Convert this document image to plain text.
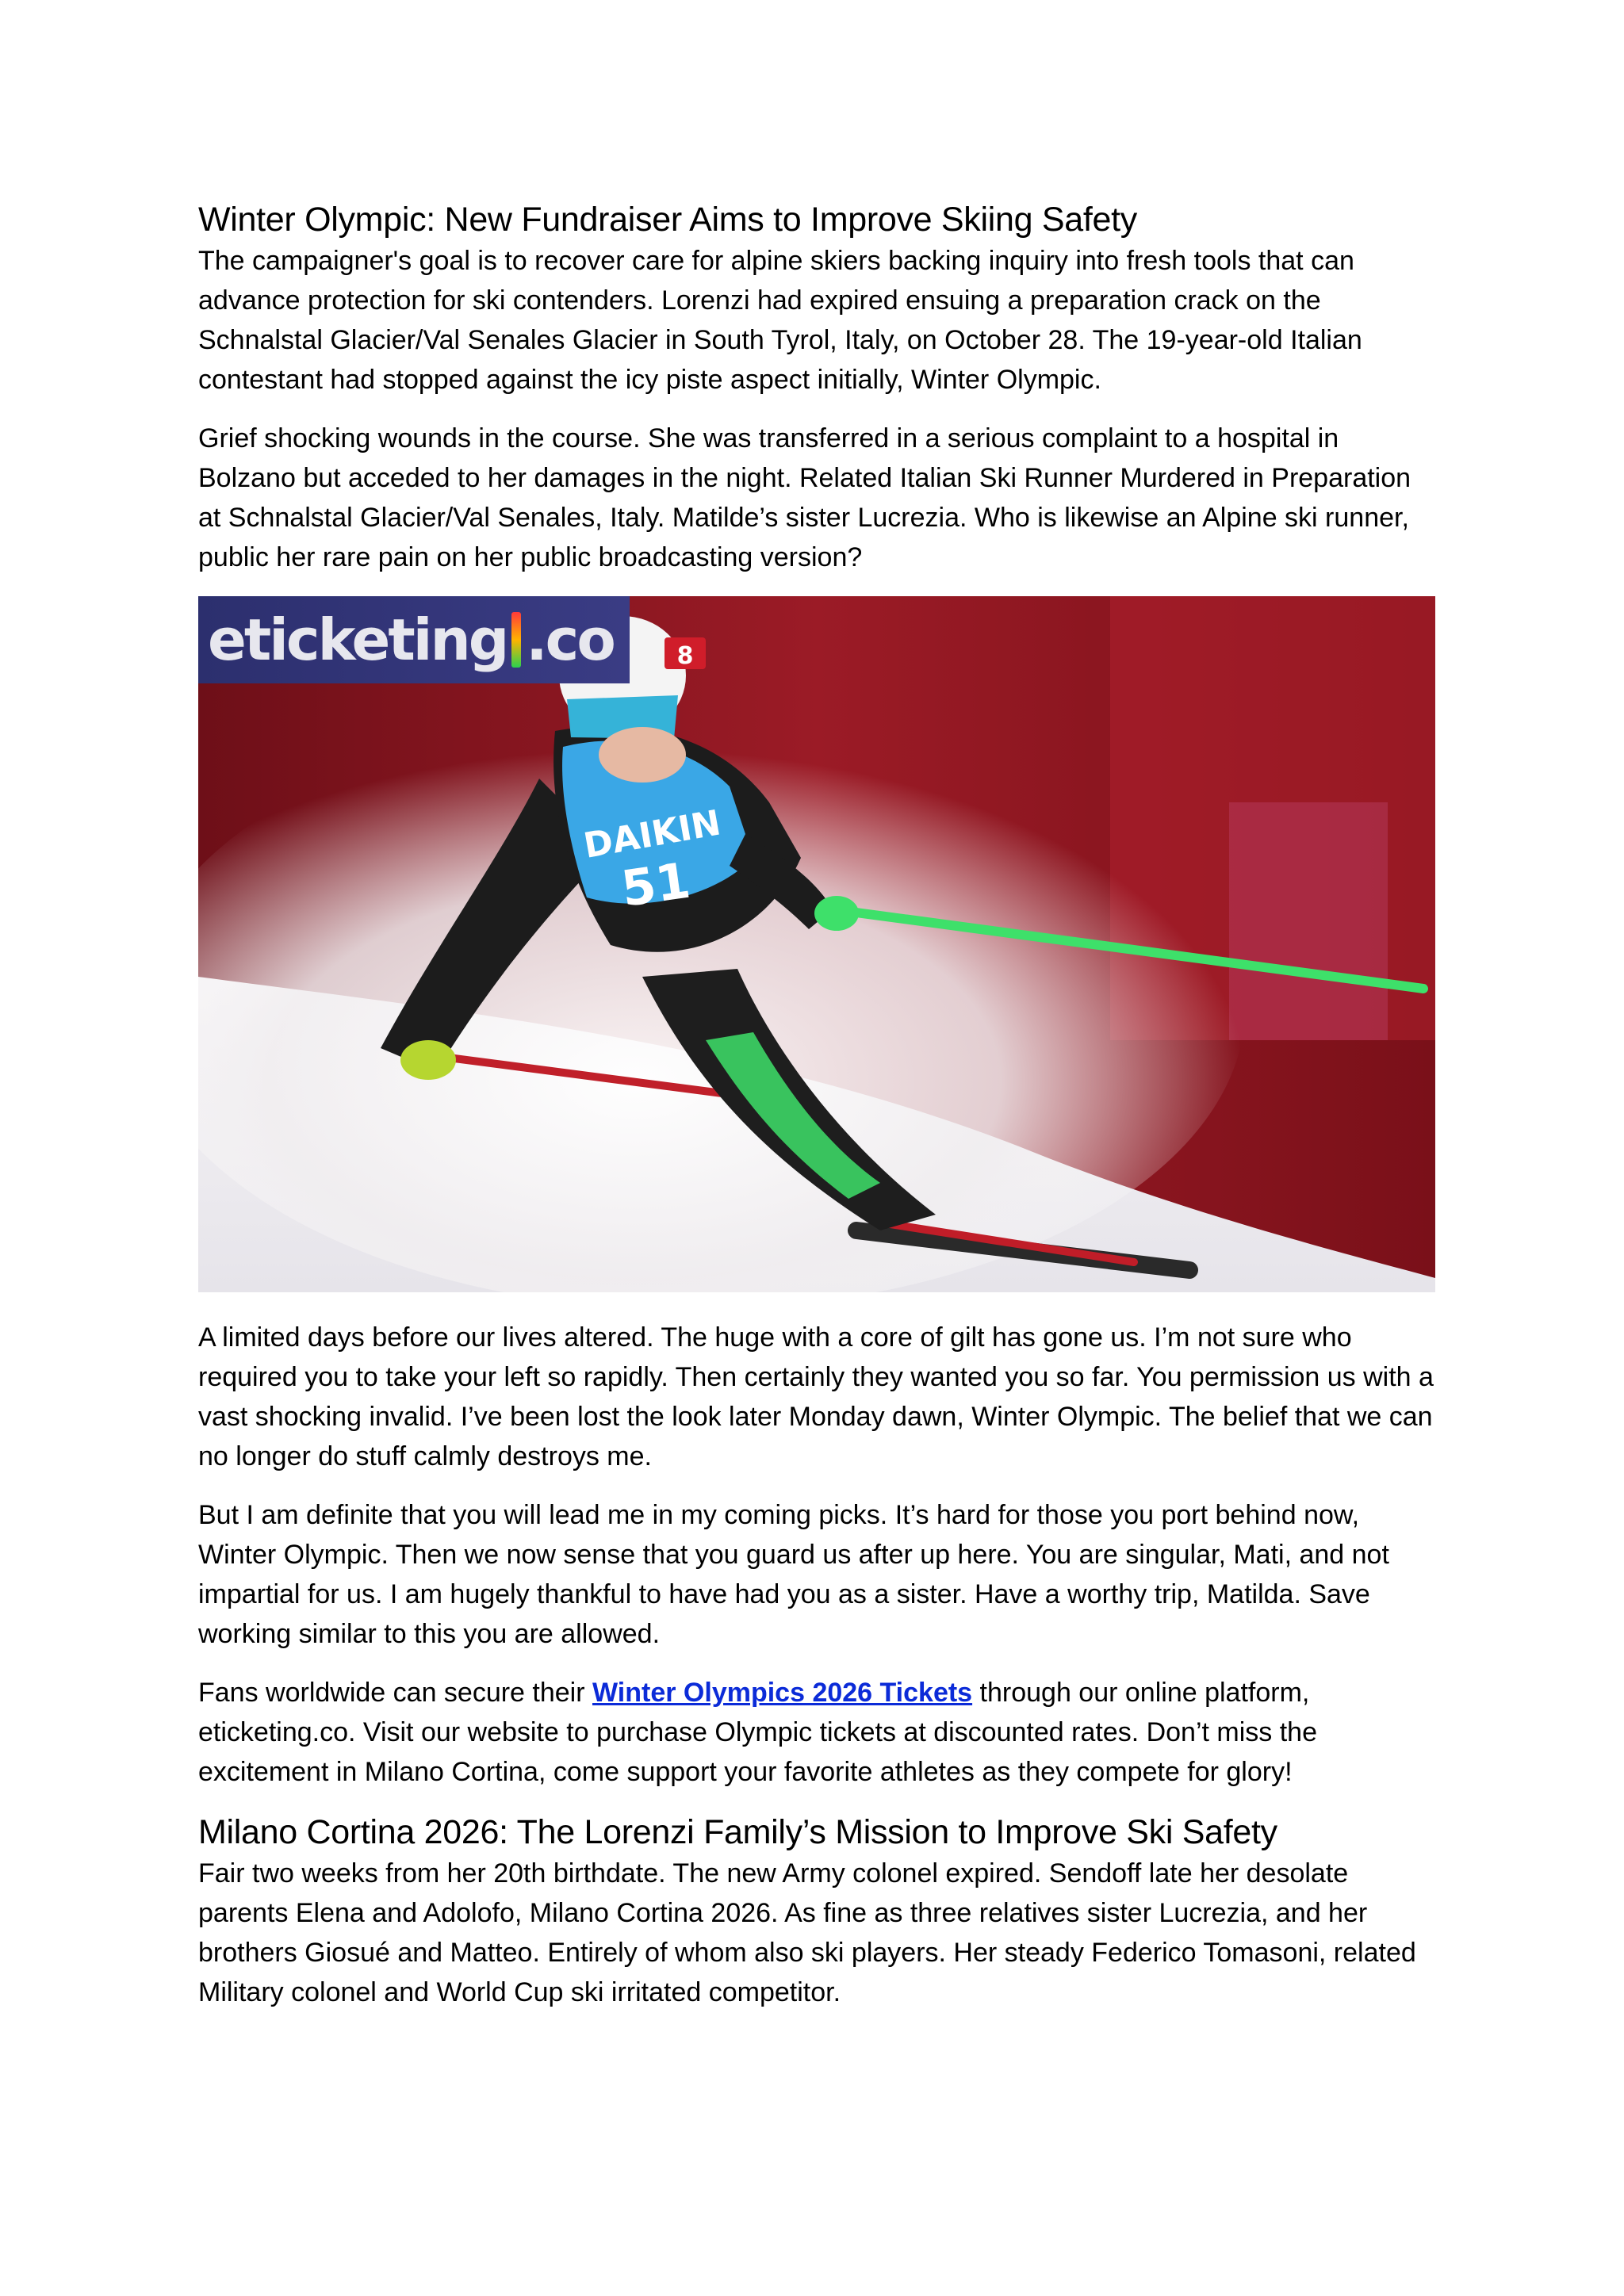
Winter Olympic: New Fundraiser Aims to Improve Skiing Safety

The campaigner's goal is to recover care for alpine skiers backing inquiry into fresh tools that can advance protection for ski contenders. Lorenzi had expired ensuing a preparation crack on the Schnalstal Glacier/Val Senales Glacier in South Tyrol, Italy, on October 28. The 19-year-old Italian contestant had stopped against the icy piste aspect initially, Winter Olympic.

Grief shocking wounds in the course. She was transferred in a serious complaint to a hospital in Bolzano but acceded to her damages in the night. Related Italian Ski Runner Murdered in Preparation at Schnalstal Glacier/Val Senales, Italy. Matilde’s sister Lucrezia. Who is likewise an Alpine ski runner, public her rare pain on her public broadcasting version?

DAIKIN
51
8
eticketing .co

A limited days before our lives altered. The huge with a core of gilt has gone us. I’m not sure who required you to take your left so rapidly. Then certainly they wanted you so far. You permission us with a vast shocking invalid. I’ve been lost the look later Monday dawn, Winter Olympic. The belief that we can no longer do stuff calmly destroys me.

But I am definite that you will lead me in my coming picks. It’s hard for those you port behind now, Winter Olympic. Then we now sense that you guard us after up here. You are singular, Mati, and not impartial for us. I am hugely thankful to have had you as a sister. Have a worthy trip, Matilda. Save working similar to this you are allowed.

Fans worldwide can secure their Winter Olympics 2026 Tickets through our online platform, eticketing.co. Visit our website to purchase Olympic tickets at discounted rates. Don’t miss the excitement in Milano Cortina, come support your favorite athletes as they compete for glory!

Milano Cortina 2026: The Lorenzi Family’s Mission to Improve Ski Safety

Fair two weeks from her 20th birthdate. The new Army colonel expired. Sendoff late her desolate parents Elena and Adolofo, Milano Cortina 2026. As fine as three relatives sister Lucrezia, and her brothers Giosué and Matteo. Entirely of whom also ski players. Her steady Federico Tomasoni, related Military colonel and World Cup ski irritated competitor.
